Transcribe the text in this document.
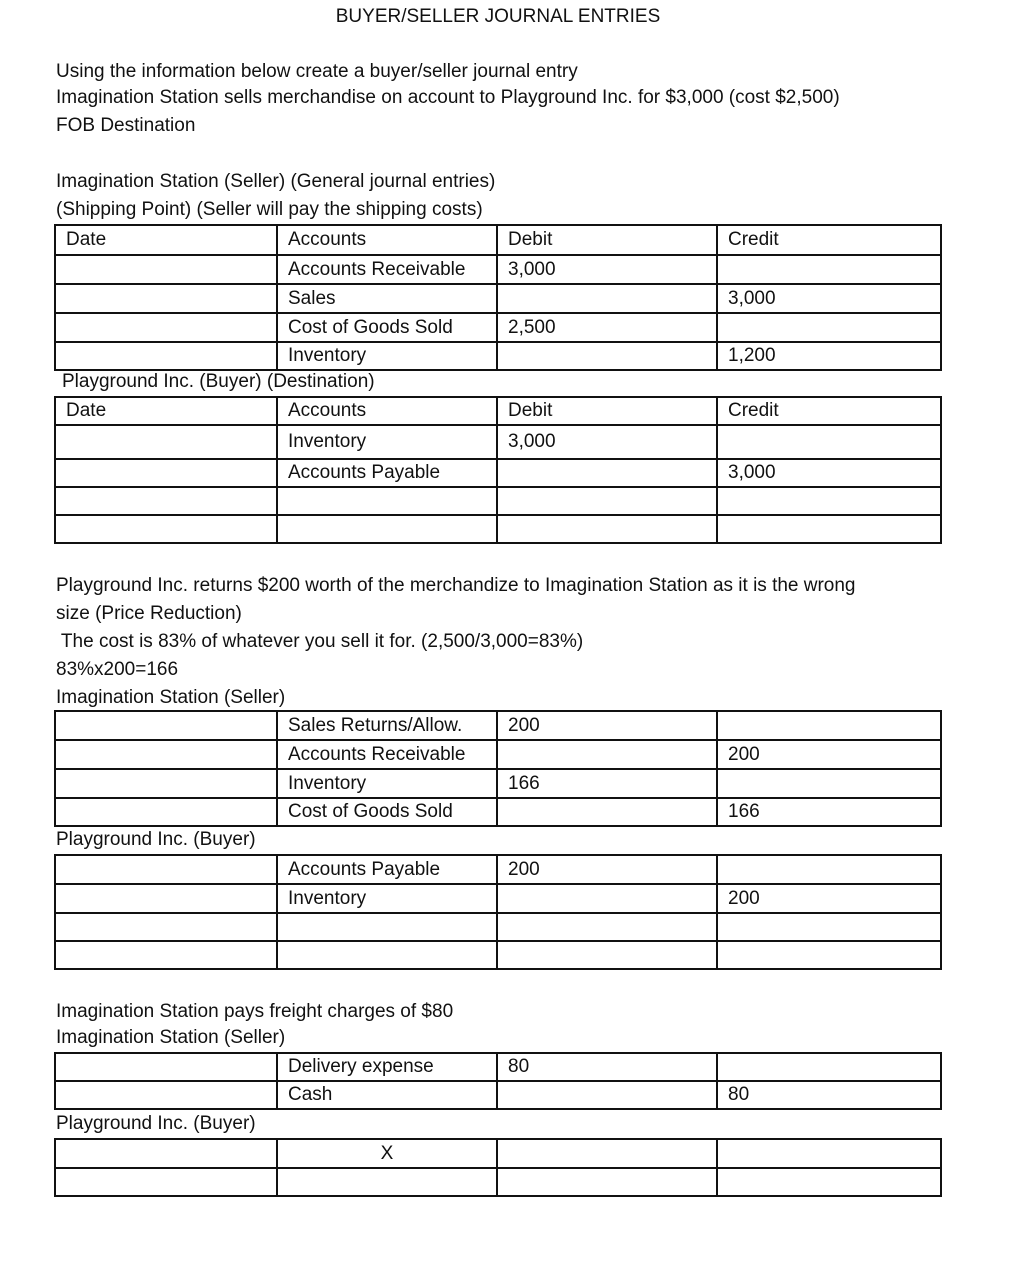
BUYER/SELLER JOURNAL ENTRIES
Using the information below create a buyer/seller journal entry
Imagination Station sells merchandise on account to Playground Inc. for $3,000 (cost $2,500)
FOB Destination
Imagination Station (Seller) (General journal entries)
(Shipping Point) (Seller will pay the shipping costs)
Date	Accounts	Debit	Credit
	Accounts Receivable	3,000	
	Sales		3,000
	Cost of Goods Sold	2,500	
	Inventory		1,200
Playground Inc. (Buyer) (Destination)
Date	Accounts	Debit	Credit
	Inventory	3,000	
	Accounts Payable		3,000

Playground Inc. returns $200 worth of the merchandize to Imagination Station as it is the wrong
size (Price Reduction)
The cost is 83% of whatever you sell it for. (2,500/3,000=83%)
83%x200=166
Imagination Station (Seller)
	Sales Returns/Allow.	200	
	Accounts Receivable		200
	Inventory	166	
	Cost of Goods Sold		166
Playground Inc. (Buyer)
	Accounts Payable	200	
	Inventory		200

Imagination Station pays freight charges of $80
Imagination Station (Seller)
	Delivery expense	80	
	Cash		80
Playground Inc. (Buyer)
	X		
